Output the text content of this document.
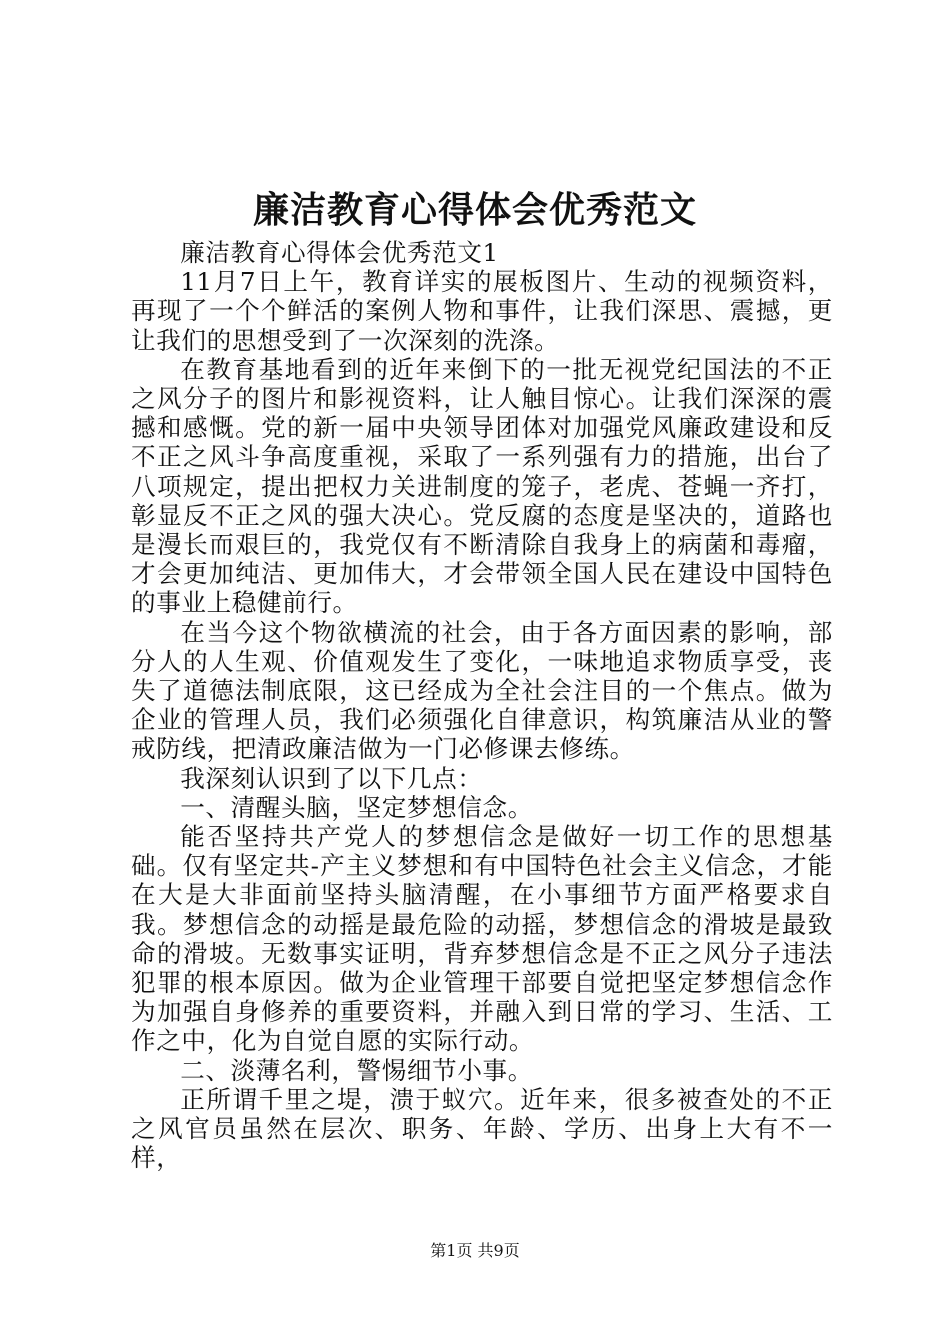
廉洁教育心得体会优秀范文

廉洁教育心得体会优秀范文1

11月7日上午，教育详实的展板图片、生动的视频资料，再现了一个个鲜活的案例人物和事件，让我们深思、震撼，更让我们的思想受到了一次深刻的洗涤。

在教育基地看到的近年来倒下的一批无视党纪国法的不正之风分子的图片和影视资料，让人触目惊心。让我们深深的震撼和感慨。党的新一届中央领导团体对加强党风廉政建设和反不正之风斗争高度重视，采取了一系列强有力的措施，出台了八项规定，提出把权力关进制度的笼子，老虎、苍蝇一齐打，彰显反不正之风的强大决心。党反腐的态度是坚决的，道路也是漫长而艰巨的，我党仅有不断清除自我身上的病菌和毒瘤，才会更加纯洁、更加伟大，才会带领全国人民在建设中国特色的事业上稳健前行。

在当今这个物欲横流的社会，由于各方面因素的影响，部分人的人生观、价值观发生了变化，一味地追求物质享受，丧失了道德法制底限，这已经成为全社会注目的一个焦点。做为企业的管理人员，我们必须强化自律意识，构筑廉洁从业的警戒防线，把清政廉洁做为一门必修课去修练。

我深刻认识到了以下几点：

一、清醒头脑，坚定梦想信念。

能否坚持共产党人的梦想信念是做好一切工作的思想基础。仅有坚定共-产主义梦想和有中国特色社会主义信念，才能在大是大非面前坚持头脑清醒，在小事细节方面严格要求自我。梦想信念的动摇是最危险的动摇，梦想信念的滑坡是最致命的滑坡。无数事实证明，背弃梦想信念是不正之风分子违法犯罪的根本原因。做为企业管理干部要自觉把坚定梦想信念作为加强自身修养的重要资料，并融入到日常的学习、生活、工作之中，化为自觉自愿的实际行动。

二、淡薄名利，警惕细节小事。

正所谓千里之堤，溃于蚁穴。近年来，很多被查处的不正之风官员虽然在层次、职务、年龄、学历、出身上大有不一样，

第1页 共9页
